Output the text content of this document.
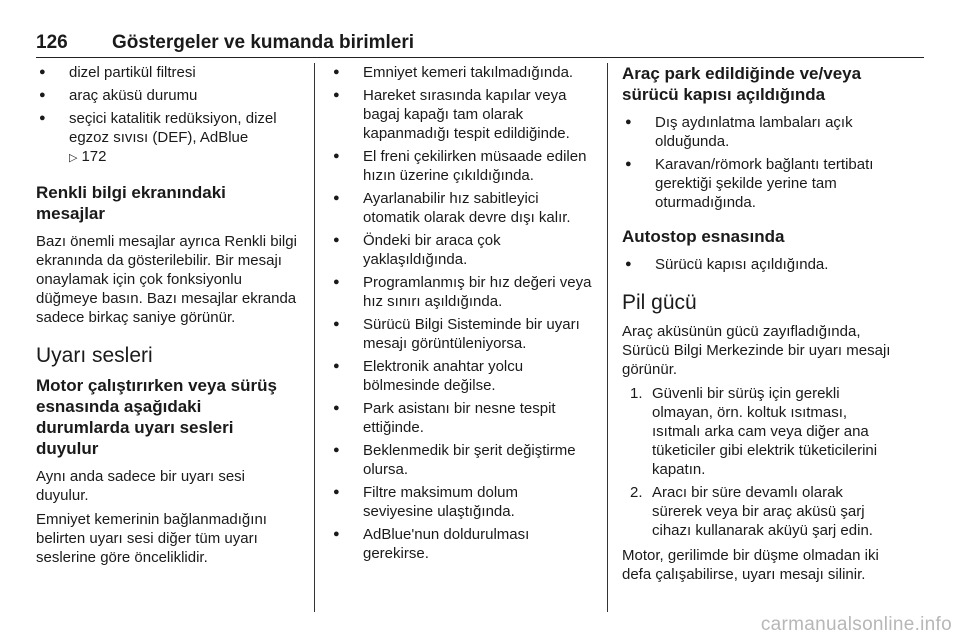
126 Göstergeler ve kumanda birimleri
● dizel partikül filtresi
● araç aküsü durumu
● seçici katalitik redüksiyon, dizel egzoz sıvısı (DEF), AdBlue
▷ 172
Renkli bilgi ekranındaki mesajlar

Bazı önemli mesajlar ayrıca Renkli bilgi ekranında da gösterilebilir. Bir mesajı onaylamak için çok fonksiyonlu düğmeye basın. Bazı mesajlar ekranda sadece birkaç saniye görünür.

Uyarı sesleri
Motor çalıştırırken veya sürüş esnasında aşağıdaki durumlarda uyarı sesleri duyulur

Aynı anda sadece bir uyarı sesi duyulur.

Emniyet kemerinin bağlanmadığını belirten uyarı sesi diğer tüm uyarı seslerine göre önceliklidir.

● Emniyet kemeri takılmadığında.
● Hareket sırasında kapılar veya bagaj kapağı tam olarak kapanmadığı tespit edildiğinde.
● El freni çekilirken müsaade edilen hızın üzerine çıkıldığında.
● Ayarlanabilir hız sabitleyici otomatik olarak devre dışı kalır.
● Öndeki bir araca çok yaklaşıldığında.
● Programlanmış bir hız değeri veya hız sınırı aşıldığında.
● Sürücü Bilgi Sisteminde bir uyarı mesajı görüntüleniyorsa.
● Elektronik anahtar yolcu bölmesinde değilse.
● Park asistanı bir nesne tespit ettiğinde.
● Beklenmedik bir şerit değiştirme olursa.
● Filtre maksimum dolum seviyesine ulaştığında.
● AdBlue'nun doldurulması gerekirse.
Araç park edildiğinde ve/veya sürücü kapısı açıldığında
● Dış aydınlatma lambaları açık olduğunda.
● Karavan/römork bağlantı tertibatı gerektiği şekilde yerine tam oturmadığında.
Autostop esnasında
● Sürücü kapısı açıldığında.
Pil gücü

Araç aküsünün gücü zayıfladığında, Sürücü Bilgi Merkezinde bir uyarı mesajı görünür.

1. Güvenli bir sürüş için gerekli olmayan, örn. koltuk ısıtması, ısıtmalı arka cam veya diğer ana tüketiciler gibi elektrik tüketicilerini kapatın.
2. Aracı bir süre devamlı olarak sürerek veya bir araç aküsü şarj cihazı kullanarak aküyü şarj edin.

Motor, gerilimde bir düşme olmadan iki defa çalışabilirse, uyarı mesajı silinir.

carmanualsonline.info
